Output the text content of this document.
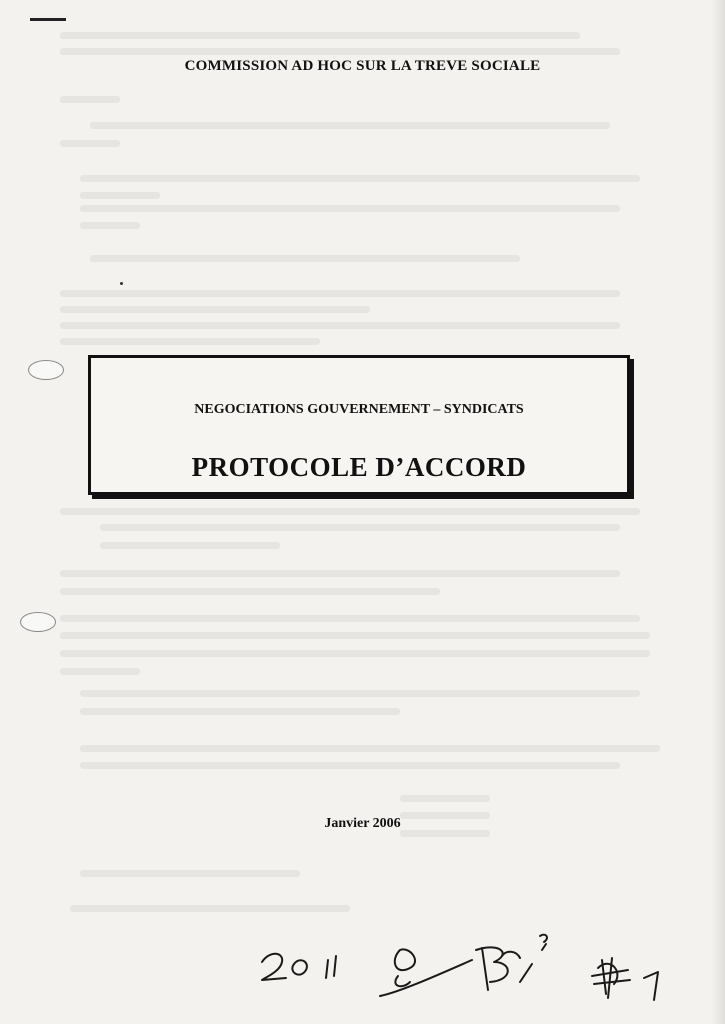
COMMISSION AD HOC SUR LA TREVE SOCIALE
NEGOCIATIONS GOUVERNEMENT – SYNDICATS
PROTOCOLE D’ACCORD
Janvier 2006
